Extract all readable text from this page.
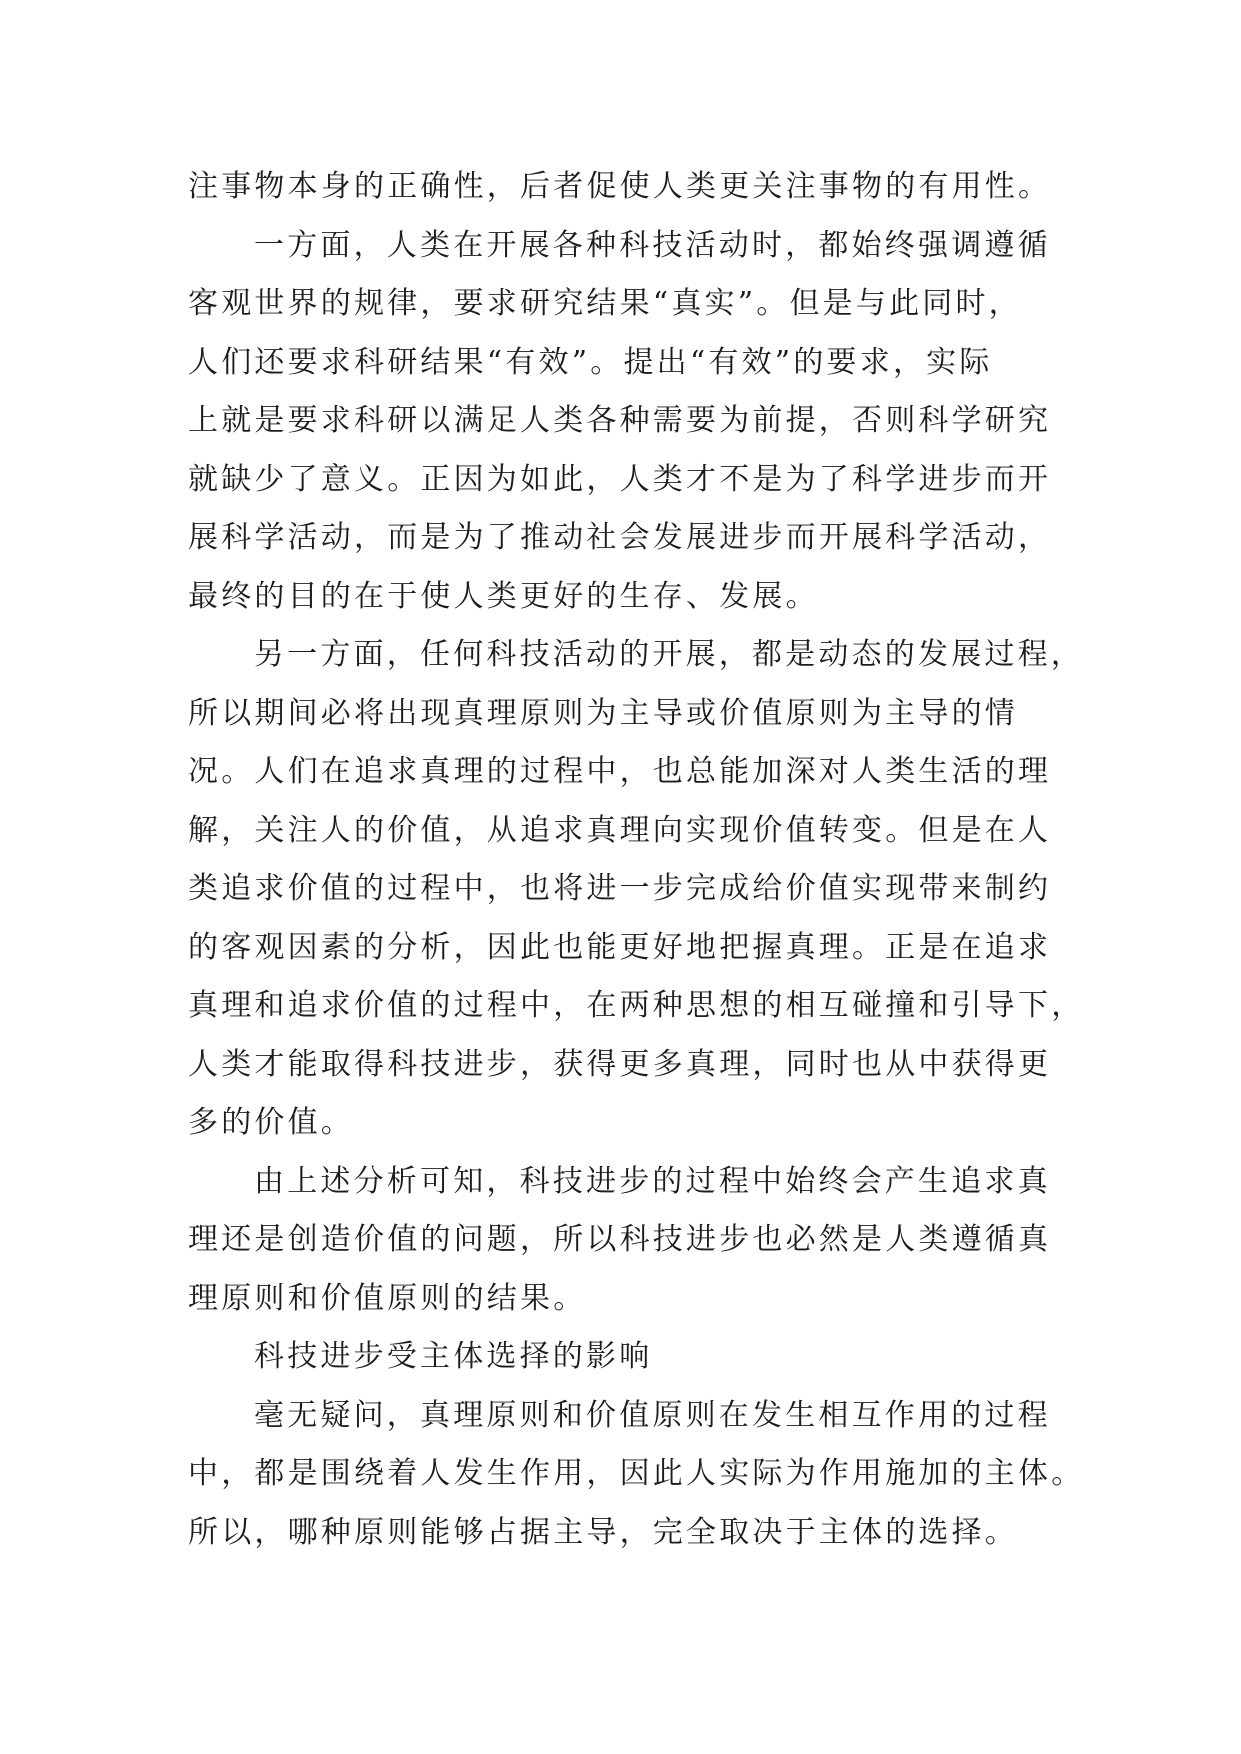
注事物本身的正确性，后者促使人类更关注事物的有用性。
一方面，人类在开展各种科技活动时，都始终强调遵循
客观世界的规律，要求研究结果“真实”。但是与此同时，
人们还要求科研结果“有效”。提出“有效”的要求，实际
上就是要求科研以满足人类各种需要为前提，否则科学研究
就缺少了意义。正因为如此，人类才不是为了科学进步而开
展科学活动，而是为了推动社会发展进步而开展科学活动，
最终的目的在于使人类更好的生存、发展。
另一方面，任何科技活动的开展，都是动态的发展过程，
所以期间必将出现真理原则为主导或价值原则为主导的情
况。人们在追求真理的过程中，也总能加深对人类生活的理
解，关注人的价值，从追求真理向实现价值转变。但是在人
类追求价值的过程中，也将进一步完成给价值实现带来制约
的客观因素的分析，因此也能更好地把握真理。正是在追求
真理和追求价值的过程中，在两种思想的相互碰撞和引导下，
人类才能取得科技进步，获得更多真理，同时也从中获得更
多的价值。
由上述分析可知，科技进步的过程中始终会产生追求真
理还是创造价值的问题，所以科技进步也必然是人类遵循真
理原则和价值原则的结果。
科技进步受主体选择的影响
毫无疑问，真理原则和价值原则在发生相互作用的过程
中，都是围绕着人发生作用，因此人实际为作用施加的主体。
所以，哪种原则能够占据主导，完全取决于主体的选择。
